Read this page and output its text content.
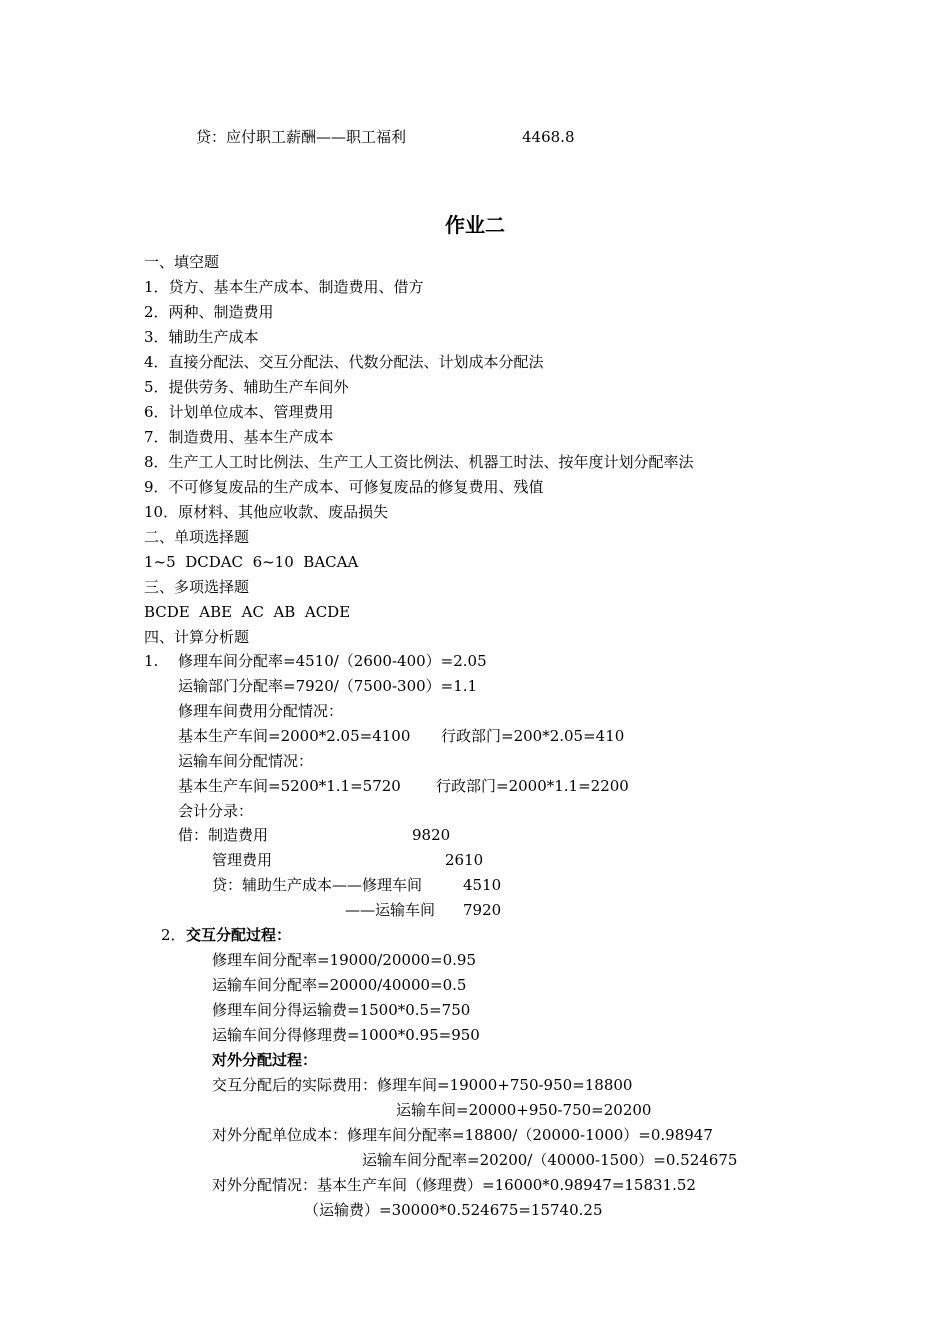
贷：应付职工薪酬——职工福利	4468.8
作业二
一、填空题
1．贷方、基本生产成本、制造费用、借方
2．两种、制造费用
3．辅助生产成本
4．直接分配法、交互分配法、代数分配法、计划成本分配法
5．提供劳务、辅助生产车间外
6．计划单位成本、管理费用
7．制造费用、基本生产成本
8．生产工人工时比例法、生产工人工资比例法、机器工时法、按年度计划分配率法
9．不可修复废品的生产成本、可修复废品的修复费用、残值
10．原材料、其他应收款、废品损失
二、单项选择题
1~5  DCDAC  6~10  BACAA
三、多项选择题
BCDE  ABE  AC  AB  ACDE
四、计算分析题
1. 修理车间分配率=4510/（2600-400）=2.05
运输部门分配率=7920/（7500-300）=1.1
修理车间费用分配情况：
基本生产车间=2000*2.05=4100 行政部门=200*2.05=410
运输车间分配情况：
基本生产车间=5200*1.1=5720 行政部门=2000*1.1=2200
会计分录：
借：制造费用	9820
管理费用	2610
贷：辅助生产成本——修理车间	4510
——运输车间 7920
2． 交互分配过程：
修理车间分配率=19000/20000=0.95
运输车间分配率=20000/40000=0.5
修理车间分得运输费=1500*0.5=750
运输车间分得修理费=1000*0.95=950
对外分配过程：
交互分配后的实际费用：修理车间=19000+750-950=18800
运输车间=20000+950-750=20200
对外分配单位成本：修理车间分配率=18800/（20000-1000）=0.98947
运输车间分配率=20200/（40000-1500）=0.524675
对外分配情况：基本生产车间（修理费）=16000*0.98947=15831.52
（运输费）=30000*0.524675=15740.25
